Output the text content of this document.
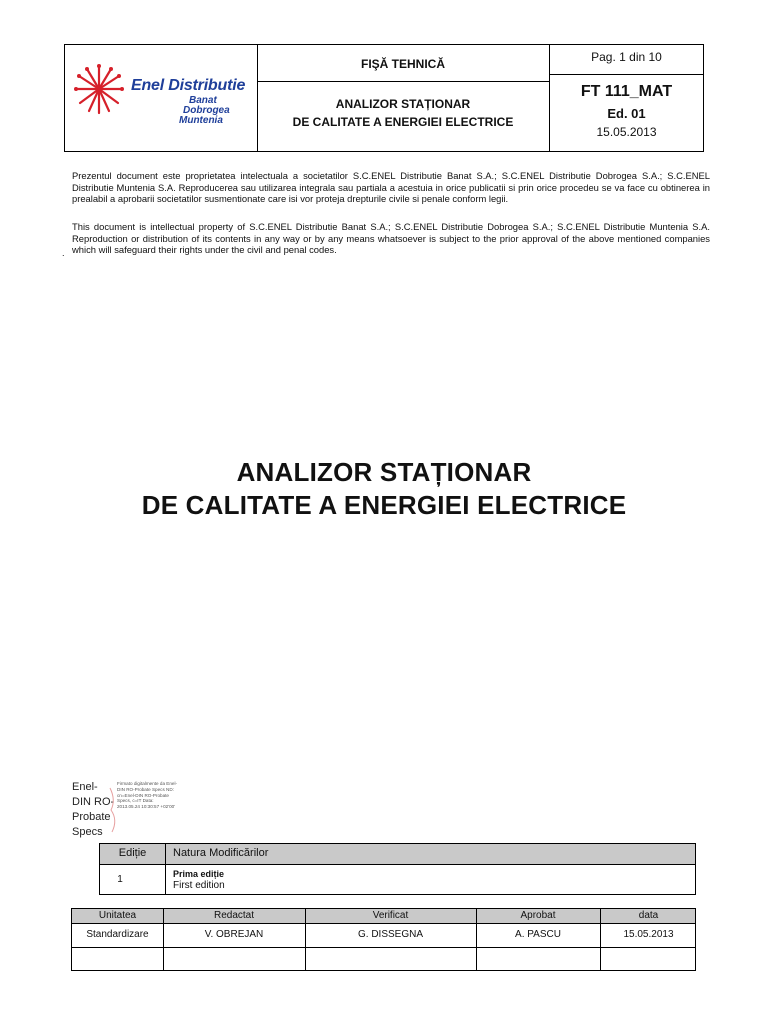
Enel Distributie
Banat
Dobrogea
Muntenia
FIŞĂ TEHNICĂ
ANALIZOR STAȚIONAR
DE CALITATE A ENERGIEI ELECTRICE
Pag. 1 din 10
FT 111_MAT
Ed. 01
15.05.2013
Prezentul document este proprietatea intelectuala a societatilor S.C.ENEL Distributie Banat S.A.; S.C.ENEL Distributie Dobrogea S.A.; S.C.ENEL Distributie Muntenia S.A. Reproducerea sau utilizarea integrala sau partiala a acestuia in orice publicatii si prin orice procedeu se va face cu obtinerea in prealabil a aprobarii societatilor susmentionate care isi vor proteja drepturile civile si penale conform legii.
This document is intellectual property of S.C.ENEL Distributie Banat S.A.; S.C.ENEL Distributie Dobrogea S.A.; S.C.ENEL Distributie Muntenia S.A. Reproduction or distribution of its contents in any way or by any means whatsoever is subject to the prior approval of the above mentioned companies which will safeguard their rights under the civil and penal codes.
.
ANALIZOR STAȚIONAR
DE CALITATE A ENERGIEI ELECTRICE
Enel-
DIN RO-
Probate
Specs
Firmato digitalmente da Enel-DIN RO-Probate Specs ND: cn=Enel-DIN RO-Probate Specs, c=IT Data: 2013.05.24 10:30:57 +02'00'
Ediție	Natura Modificărilor
1	Prima ediție
First edition
Unitatea	Redactat	Verificat	Aprobat	data
Standardizare	V. OBREJAN	G. DISSEGNA	A. PASCU	15.05.2013
